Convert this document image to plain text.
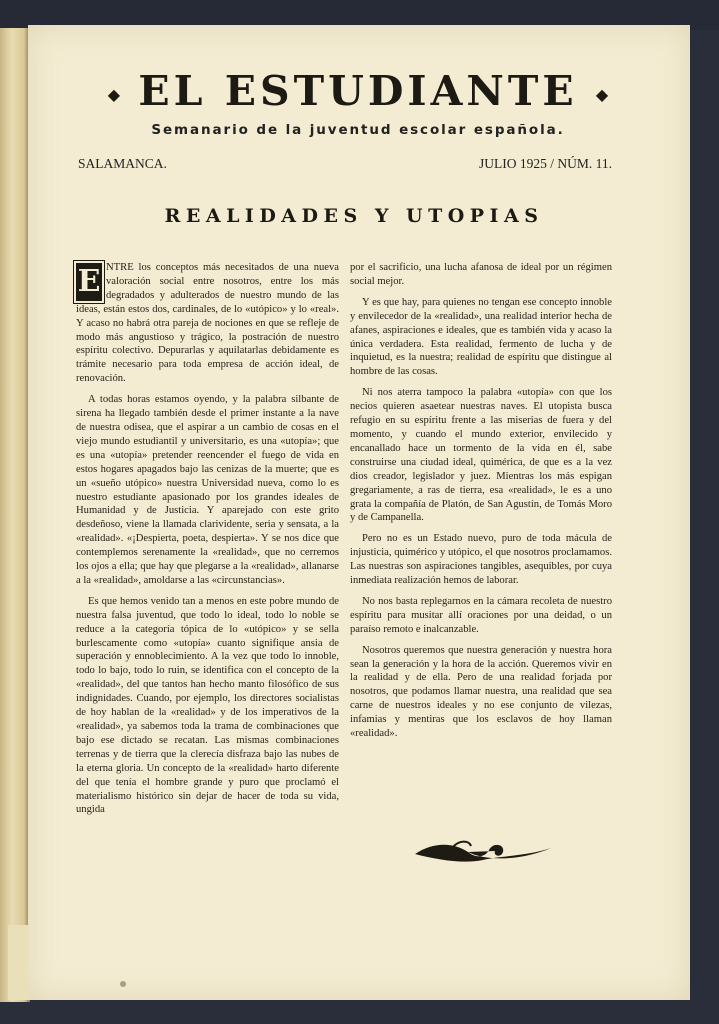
◆ EL ESTUDIANTE ◆
Semanario de la juventud escolar española.
SALAMANCA.	JULIO 1925 / NÚM. 11.
REALIDADES Y UTOPIAS

E NTRE los conceptos más necesitados de una nueva valoración social entre nosotros, entre los más degradados y adulterados de nuestro mundo de las ideas, están estos dos, cardinales, de lo «utópico» y lo «real». Y acaso no habrá otra pareja de nociones en que se refleje de modo más angustioso y trágico, la postración de nuestro espíritu colectivo. Depurarlas y aquilatarlas debidamente es trámite necesario para toda empresa de acción ideal, de renovación.

A todas horas estamos oyendo, y la palabra silbante de sirena ha llegado también desde el primer instante a la nave de nuestra odisea, que el aspirar a un cambio de cosas en el viejo mundo estudiantil y universitario, es una «utopía»; que es una «utopía» pretender reencender el fuego de vida en estos hogares apagados bajo las cenizas de la muerte; que es un «sueño utópico» nuestra Universidad nueva, como lo es nuestro estudiante apasionado por los grandes ideales de Humanidad y de Justicia. Y aparejado con este grito desdeñoso, viene la llamada clarividente, seria y sensata, a la «realidad». «¡Despierta, poeta, despierta». Y se nos dice que contemplemos serenamente la «realidad», que no cerremos los ojos a ella; que hay que plegarse a la «realidad», allanarse a la «realidad», amoldarse a las «circunstancias».

Es que hemos venido tan a menos en este pobre mundo de nuestra falsa juventud, que todo lo ideal, todo lo noble se reduce a la categoría tópica de lo «utópico» y se sella burlescamente como «utopía» cuanto signifique ansia de superación y ennoblecimiento. A la vez que todo lo innoble, todo lo bajo, todo lo ruin, se identifica con el concepto de la «realidad», del que tantos han hecho manto filosófico de sus indignidades. Cuando, por ejemplo, los directores socialistas de hoy hablan de la «realidad» y de los imperativos de la «realidad», ya sabemos toda la trama de combinaciones que bajo ese dictado se recatan. Las mismas combinaciones terrenas y de tierra que la clerecía disfraza bajo las nubes de la eterna gloria. Un concepto de la «realidad» harto diferente del que tenía el hombre grande y puro que proclamó el materialismo histórico sin dejar de hacer de toda su vida, ungida

por el sacrificio, una lucha afanosa de ideal por un régimen social mejor.

Y es que hay, para quienes no tengan ese concepto innoble y envilecedor de la «realidad», una realidad interior hecha de afanes, aspiraciones e ideales, que es también vida y acaso la única verdadera. Esta realidad, fermento de lucha y de inquietud, es la nuestra; realidad de espíritu que distingue al hombre de las cosas.

Ni nos aterra tampoco la palabra «utopía» con que los necios quieren asaetear nuestras naves. El utopista busca refugio en su espíritu frente a las miserias de fuera y del momento, y cuando el mundo exterior, envilecido y encanallado hace un tormento de la vida en él, sabe construirse una ciudad ideal, quimérica, de que es a la vez dios creador, legislador y juez. Mientras los más espigan gregariamente, a ras de tierra, esa «realidad», le es a uno grata la compañía de Platón, de San Agustín, de Tomás Moro y de Campanella.

Pero no es un Estado nuevo, puro de toda mácula de injusticia, quimérico y utópico, el que nosotros proclamamos. Las nuestras son aspiraciones tangibles, asequibles, por cuya inmediata realización hemos de laborar.

No nos basta replegarnos en la cámara recoleta de nuestro espíritu para musitar allí oraciones por una deidad, o un paraíso remoto e inalcanzable.

Nosotros queremos que nuestra generación y nuestra hora sean la generación y la hora de la acción. Queremos vivir en la realidad y de ella. Pero de una realidad forjada por nosotros, que podamos llamar nuestra, una realidad que sea carne de nuestros ideales y no ese conjunto de vilezas, infamias y mentiras que los esclavos de hoy llaman «realidad».
